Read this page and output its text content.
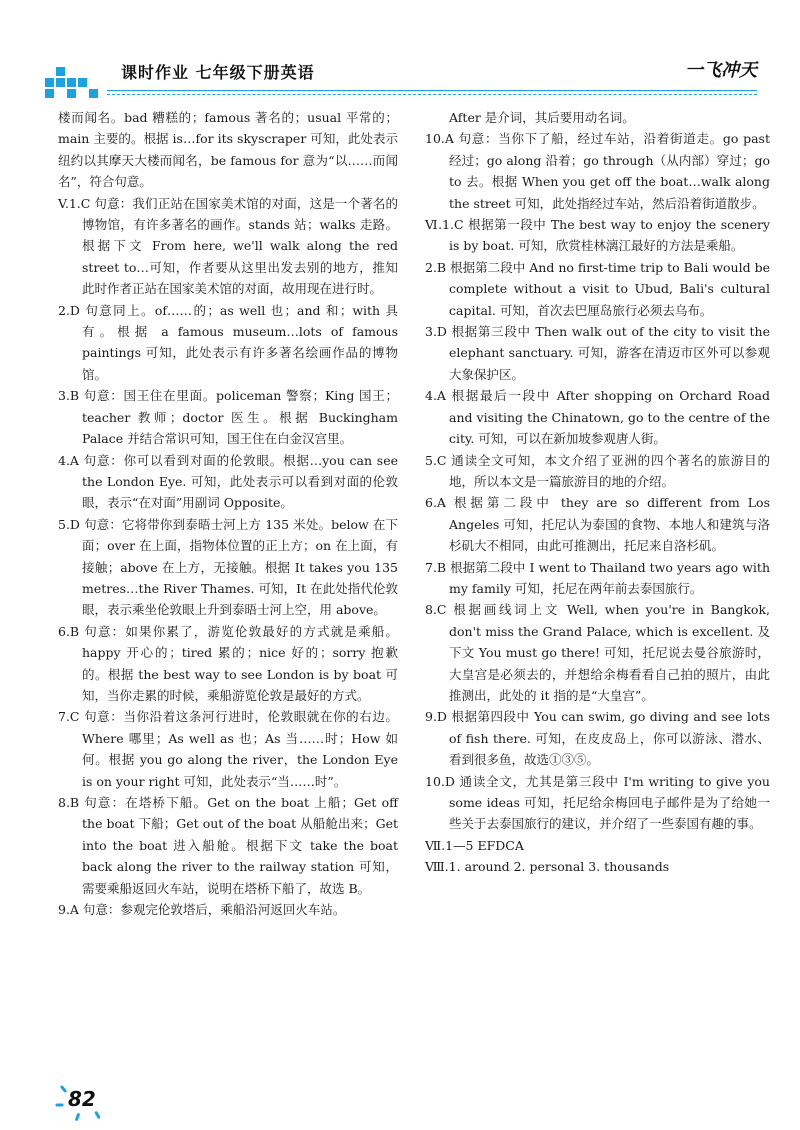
课时作业 七年级下册英语	一飞冲天

楼而闻名。bad 糟糕的；famous 著名的；usual 平常的；main 主要的。根据 is…for its skyscraper 可知，此处表示纽约以其摩天大楼而闻名，be famous for 意为“以……而闻名”，符合句意。

V.1.C 句意：我们正站在国家美术馆的对面，这是一个著名的博物馆，有许多著名的画作。stands 站；walks 走路。根据下文 From here, we'll walk along the red street to…可知，作者要从这里出发去别的地方，推知此时作者正站在国家美术馆的对面，故用现在进行时。

2.D 句意同上。of……的；as well 也；and 和；with 具有。根据 a famous museum…lots of famous paintings 可知，此处表示有许多著名绘画作品的博物馆。

3.B 句意：国王住在里面。policeman 警察；King 国王；teacher 教师；doctor 医生。根据 Buckingham Palace 并结合常识可知，国王住在白金汉宫里。

4.A 句意：你可以看到对面的伦敦眼。根据…you can see the London Eye. 可知，此处表示可以看到对面的伦敦眼，表示“在对面”用副词 Opposite。

5.D 句意：它将带你到泰晤士河上方 135 米处。below 在下面；over 在上面，指物体位置的正上方；on 在上面，有接触；above 在上方，无接触。根据 It takes you 135 metres…the River Thames. 可知，It 在此处指代伦敦眼，表示乘坐伦敦眼上升到泰晤士河上空，用 above。

6.B 句意：如果你累了，游览伦敦最好的方式就是乘船。happy 开心的；tired 累的；nice 好的；sorry 抱歉的。根据 the best way to see London is by boat 可知，当你走累的时候，乘船游览伦敦是最好的方式。

7.C 句意：当你沿着这条河行进时，伦敦眼就在你的右边。Where 哪里；As well as 也；As 当……时；How 如何。根据 you go along the river，the London Eye is on your right 可知，此处表示“当……时”。

8.B 句意：在塔桥下船。Get on the boat 上船；Get off the boat 下船；Get out of the boat 从船舱出来；Get into the boat 进入船舱。根据下文 take the boat back along the river to the railway station 可知，需要乘船返回火车站，说明在塔桥下船了，故选 B。

9.A 句意：参观完伦敦塔后，乘船沿河返回火车站。

After 是介词，其后要用动名词。

10.A 句意：当你下了船，经过车站，沿着街道走。go past 经过；go along 沿着；go through（从内部）穿过；go to 去。根据 When you get off the boat…walk along the street 可知，此处指经过车站，然后沿着街道散步。

Ⅵ.1.C 根据第一段中 The best way to enjoy the scenery is by boat. 可知，欣赏桂林漓江最好的方法是乘船。

2.B 根据第二段中 And no first-time trip to Bali would be complete without a visit to Ubud, Bali's cultural capital. 可知，首次去巴厘岛旅行必须去乌布。

3.D 根据第三段中 Then walk out of the city to visit the elephant sanctuary. 可知，游客在清迈市区外可以参观大象保护区。

4.A 根据最后一段中 After shopping on Orchard Road and visiting the Chinatown, go to the centre of the city. 可知，可以在新加坡参观唐人街。

5.C 通读全文可知，本文介绍了亚洲的四个著名的旅游目的地，所以本文是一篇旅游目的地的介绍。

6.A 根据第二段中 they are so different from Los Angeles 可知，托尼认为泰国的食物、本地人和建筑与洛杉矶大不相同，由此可推测出，托尼来自洛杉矶。

7.B 根据第二段中 I went to Thailand two years ago with my family 可知，托尼在两年前去泰国旅行。

8.C 根据画线词上文 Well, when you're in Bangkok, don't miss the Grand Palace, which is excellent. 及下文 You must go there! 可知，托尼说去曼谷旅游时，大皇宫是必须去的，并想给余梅看看自己拍的照片，由此推测出，此处的 it 指的是“大皇宫”。

9.D 根据第四段中 You can swim, go diving and see lots of fish there. 可知，在皮皮岛上，你可以游泳、潜水、看到很多鱼，故选①③⑤。

10.D 通读全文，尤其是第三段中 I'm writing to give you some ideas 可知，托尼给余梅回电子邮件是为了给她一些关于去泰国旅行的建议，并介绍了一些泰国有趣的事。

Ⅶ.1—5 EFDCA

Ⅷ.1. around 2. personal 3. thousands

82
